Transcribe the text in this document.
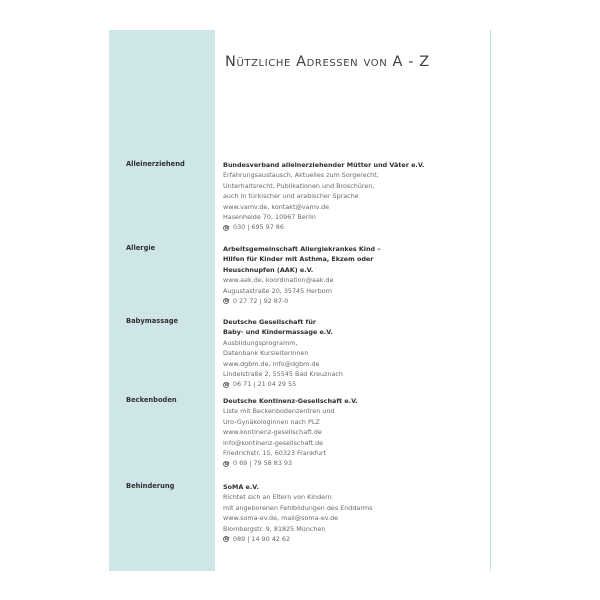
Nützliche Adressen von A - Z
Alleinerziehend	Bundesverband alleinerziehender Mütter und Väter e.V.
Erfahrungsaustausch, Aktuelles zum Sorgerecht,
Unterhaltsrecht, Publikationen und Broschüren,
auch in türkischer und arabischer Sprache
www.vamv.de, kontakt@vamv.de
Hasenheide 70, 10967 Berlin
☎ 030 | 695 97 86
Allergie	Arbeitsgemeinschaft Allergiekrankes Kind –
Hilfen für Kinder mit Asthma, Ekzem oder
Heuschnupfen (AAK) e.V.
www.aak.de, koordination@aak.de
Augustastraße 20, 35745 Herborn
☎ 0 27 72 | 92 87-0
Babymassage	Deutsche Gesellschaft für
Baby- und Kindermassage e.V.
Ausbildungsprogramm,
Datenbank Kursleiterinnen
www.dgbm.de, info@dgbm.de
Lindelstraße 2, 55545 Bad Kreuznach
☎ 06 71 | 21 04 29 55
Beckenboden	Deutsche Kontinenz-Gesellschaft e.V.
Liste mit Beckenbodenzentren und
Uro-Gynäkologinnen nach PLZ
www.kontinenz-gesellschaft.de
info@kontinenz-gesellschaft.de
Friedrichstr. 15, 60323 Frankfurt
☎ 0 69 | 79 58 83 93
Behinderung	SoMA e.V.
Richtet sich an Eltern von Kindern
mit angeborenen Fehlbildungen des Enddarms
www.soma-ev.de, mail@soma-ev.de
Blombergstr. 9, 81825 München
☎ 089 | 14 90 42 62
